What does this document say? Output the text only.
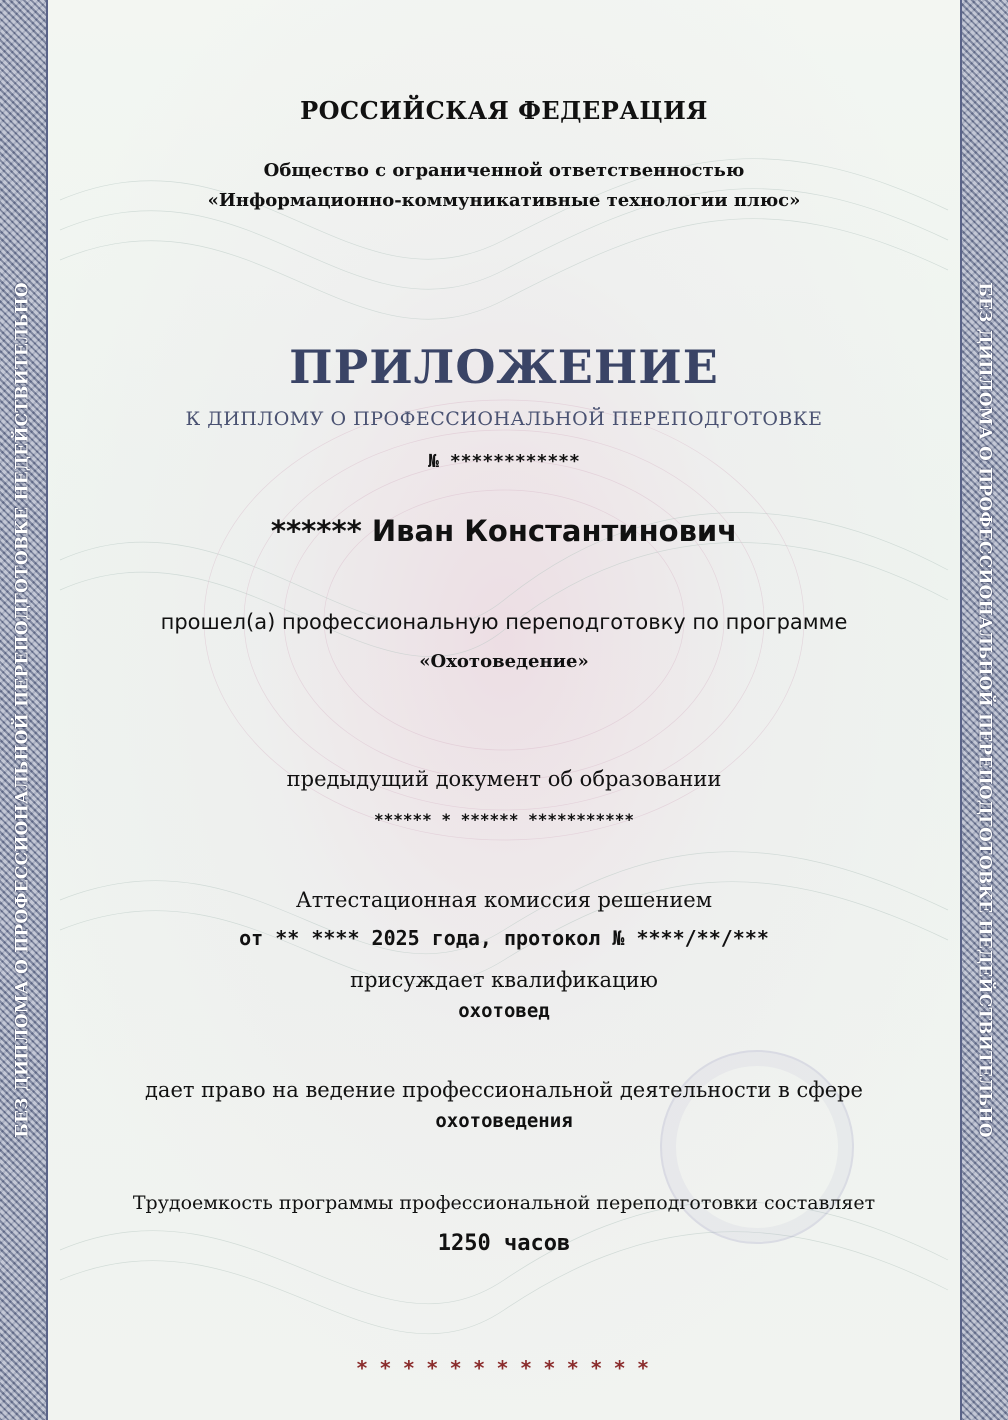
БЕЗ ДИПЛОМА О ПРОФЕССИОНАЛЬНОЙ ПЕРЕПОДГОТОВКЕ НЕДЕЙСТВИТЕЛЬНО	БЕЗ ДИПЛОМА О ПРОФЕССИОНАЛЬНОЙ ПЕРЕПОДГОТОВКЕ НЕДЕЙСТВИТЕЛЬНО
РОССИЙСКАЯ ФЕДЕРАЦИЯ
Общество с ограниченной ответственностью
«Информационно-коммуникативные технологии плюс»
ПРИЛОЖЕНИЕ
К ДИПЛОМУ О ПРОФЕССИОНАЛЬНОЙ ПЕРЕПОДГОТОВКЕ
№ ************
****** Иван Константинович
прошел(а) профессиональную переподготовку по программе
«Охотоведение»
предыдущий документ об образовании
****** * ****** ***********
Аттестационная комиссия решением
от ** **** 2025 года, протокол № ****/**/***
присуждает квалификацию
охотовед
дает право на ведение профессиональной деятельности в сфере
охотоведения
Трудоемкость программы профессиональной переподготовки составляет
1250 часов
* * * * * * * * * * * * *
